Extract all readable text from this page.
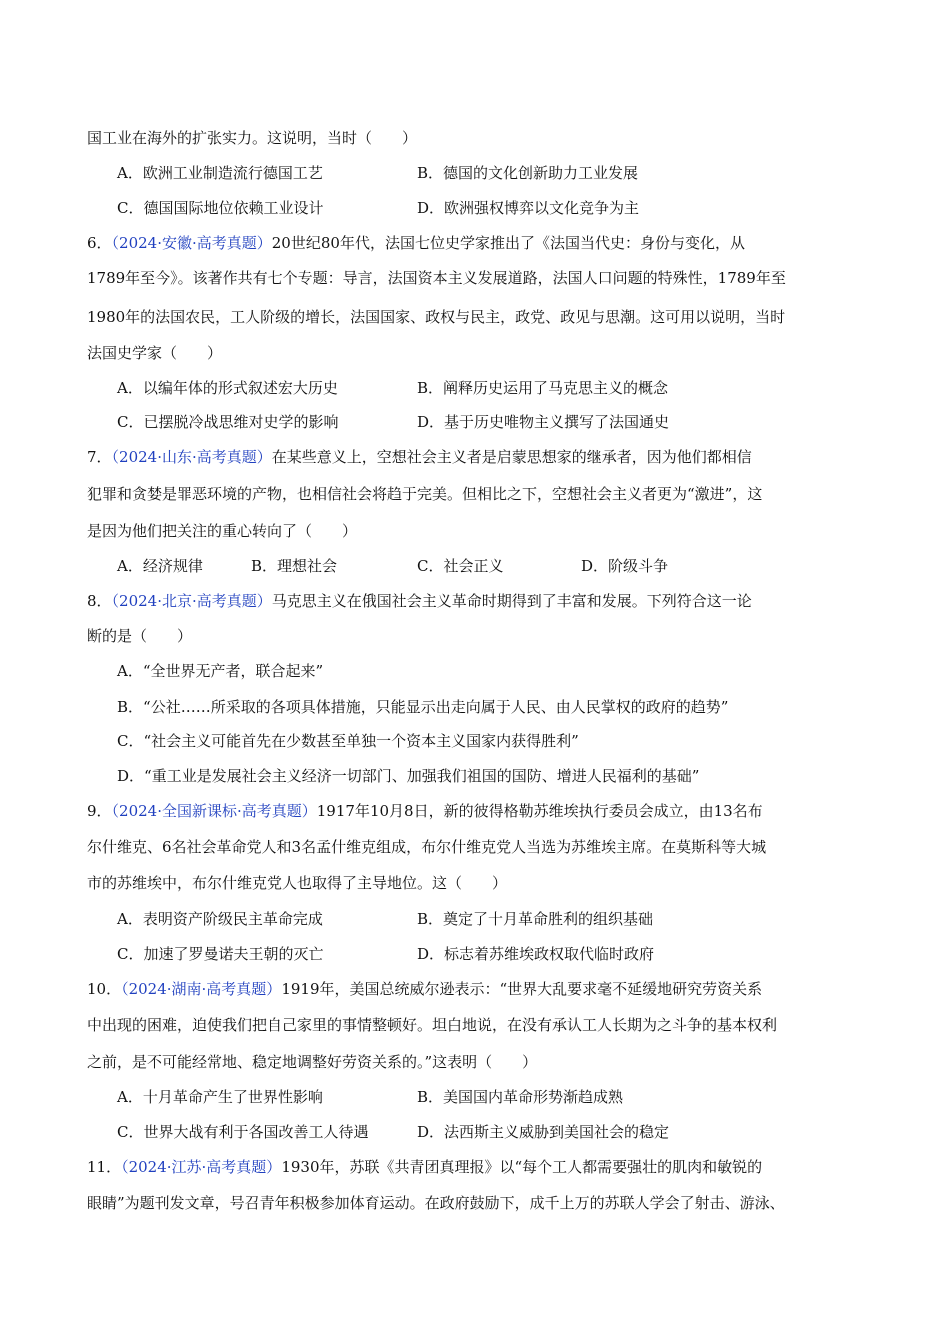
国工业在海外的扩张实力。这说明，当时（　　）
A．欧洲工业制造流行德国工艺	B．德国的文化创新助力工业发展
C．德国国际地位依赖工业设计	D．欧洲强权博弈以文化竞争为主
6．（2024·安徽·高考真题）20世纪80年代，法国七位史学家推出了《法国当代史：身份与变化，从
1789年至今》。该著作共有七个专题：导言，法国资本主义发展道路，法国人口问题的特殊性，1789年至
1980年的法国农民，工人阶级的增长，法国国家、政权与民主，政党、政见与思潮。这可用以说明，当时
法国史学家（　　）
A．以编年体的形式叙述宏大历史	B．阐释历史运用了马克思主义的概念
C．已摆脱冷战思维对史学的影响	D．基于历史唯物主义撰写了法国通史
7．（2024·山东·高考真题）在某些意义上，空想社会主义者是启蒙思想家的继承者，因为他们都相信
犯罪和贪婪是罪恶环境的产物，也相信社会将趋于完美。但相比之下，空想社会主义者更为“激进”，这
是因为他们把关注的重心转向了（　　）
A．经济规律	B．理想社会	C．社会正义	D．阶级斗争
8．（2024·北京·高考真题）马克思主义在俄国社会主义革命时期得到了丰富和发展。下列符合这一论
断的是（　　）
A．“全世界无产者，联合起来”
B．“公社……所采取的各项具体措施，只能显示出走向属于人民、由人民掌权的政府的趋势”
C．“社会主义可能首先在少数甚至单独一个资本主义国家内获得胜利”
D．“重工业是发展社会主义经济一切部门、加强我们祖国的国防、增进人民福利的基础”
9．（2024·全国新课标·高考真题）1917年10月8日，新的彼得格勒苏维埃执行委员会成立，由13名布
尔什维克、6名社会革命党人和3名孟什维克组成，布尔什维克党人当选为苏维埃主席。在莫斯科等大城
市的苏维埃中，布尔什维克党人也取得了主导地位。这（　　）
A．表明资产阶级民主革命完成	B．奠定了十月革命胜利的组织基础
C．加速了罗曼诺夫王朝的灭亡	D．标志着苏维埃政权取代临时政府
10．（2024·湖南·高考真题）1919年，美国总统威尔逊表示：“世界大乱要求毫不延缓地研究劳资关系
中出现的困难，迫使我们把自己家里的事情整顿好。坦白地说，在没有承认工人长期为之斗争的基本权利
之前，是不可能经常地、稳定地调整好劳资关系的。”这表明（　　）
A．十月革命产生了世界性影响	B．美国国内革命形势渐趋成熟
C．世界大战有利于各国改善工人待遇	D．法西斯主义威胁到美国社会的稳定
11．（2024·江苏·高考真题）1930年，苏联《共青团真理报》以“每个工人都需要强壮的肌肉和敏锐的
眼睛”为题刊发文章，号召青年积极参加体育运动。在政府鼓励下，成千上万的苏联人学会了射击、游泳、
